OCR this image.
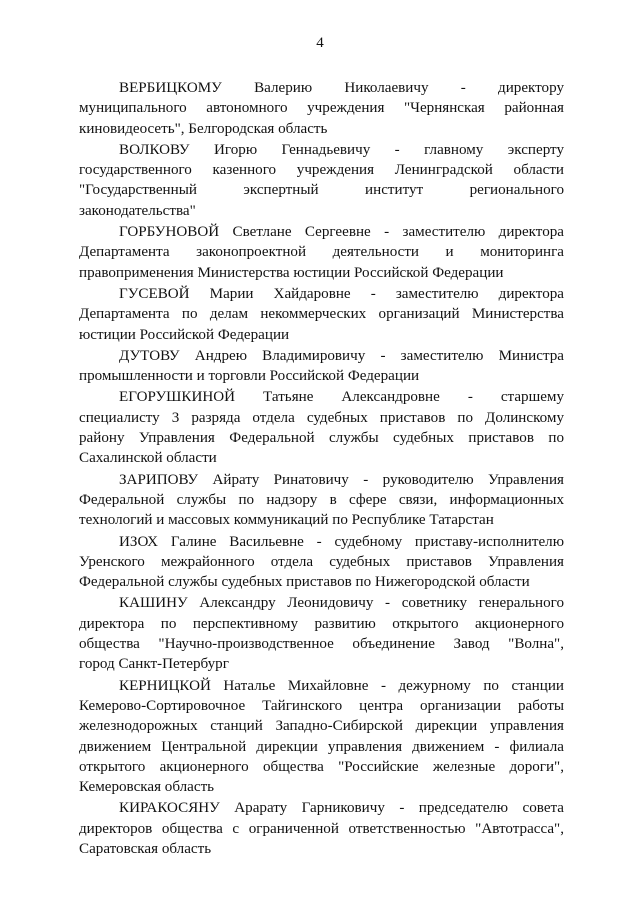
4

ВЕРБИЦКОМУ Валерию Николаевичу - директору
муниципального автономного учреждения "Чернянская районная
киновидеосеть", Белгородская область

ВОЛКОВУ Игорю Геннадьевичу - главному эксперту
государственного казенного учреждения Ленинградской области
"Государственный экспертный институт регионального
законодательства"

ГОРБУНОВОЙ Светлане Сергеевне - заместителю директора
Департамента законопроектной деятельности и мониторинга
правоприменения Министерства юстиции Российской Федерации

ГУСЕВОЙ Марии Хайдаровне - заместителю директора
Департамента по делам некоммерческих организаций Министерства
юстиции Российской Федерации

ДУТОВУ Андрею Владимировичу - заместителю Министра
промышленности и торговли Российской Федерации

ЕГОРУШКИНОЙ Татьяне Александровне - старшему
специалисту 3 разряда отдела судебных приставов по Долинскому
району Управления Федеральной службы судебных приставов по
Сахалинской области

ЗАРИПОВУ Айрату Ринатовичу - руководителю Управления
Федеральной службы по надзору в сфере связи, информационных
технологий и массовых коммуникаций по Республике Татарстан

ИЗОХ Галине Васильевне - судебному приставу-исполнителю
Уренского межрайонного отдела судебных приставов Управления
Федеральной службы судебных приставов по Нижегородской области

КАШИНУ Александру Леонидовичу - советнику генерального
директора по перспективному развитию открытого акционерного
общества "Научно-производственное объединение Завод "Волна",
город Санкт-Петербург

КЕРНИЦКОЙ Наталье Михайловне - дежурному по станции
Кемерово-Сортировочное Тайгинского центра организации работы
железнодорожных станций Западно-Сибирской дирекции управления
движением Центральной дирекции управления движением - филиала
открытого акционерного общества "Российские железные дороги",
Кемеровская область

КИРАКОСЯНУ Арарату Гарниковичу - председателю совета
директоров общества с ограниченной ответственностью "Автотрасса",
Саратовская область
